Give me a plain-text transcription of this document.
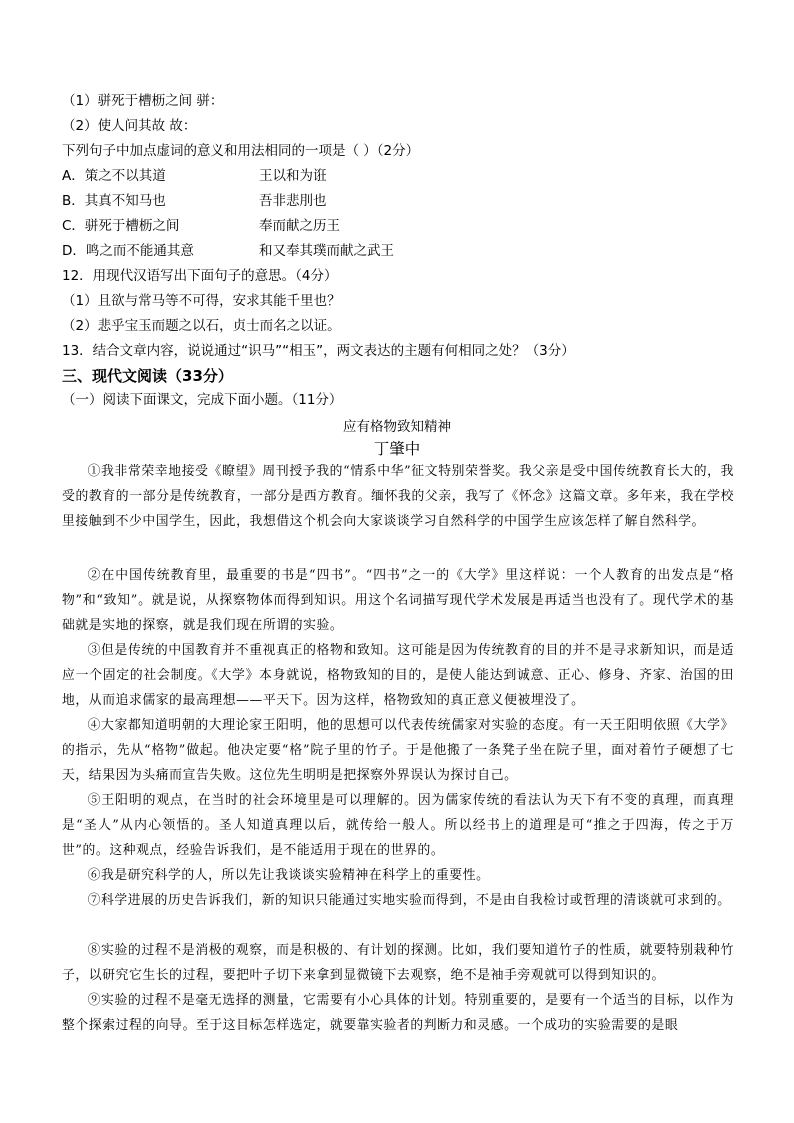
（1）骈死于槽枥之间 骈：
（2）使人问其故 故：
下列句子中加点虚词的意义和用法相同的一项是（ ）（2分）
A．策之不以其道	王以和为诳
B．其真不知马也	吾非悲刖也
C．骈死于槽枥之间	奉而献之历王
D．鸣之而不能通其意	和又奉其璞而献之武王
12．用现代汉语写出下面句子的意思。（4分）
（1）且欲与常马等不可得，安求其能千里也？
（2）悲乎宝玉而题之以石，贞士而名之以证。
13．结合文章内容，说说通过“识马”“相玉”，两文表达的主题有何相同之处？（3分）
三、现代文阅读（33分）
（一）阅读下面课文，完成下面小题。（11分）
应有格物致知精神
丁肇中
①我非常荣幸地接受《瞭望》周刊授予我的“情系中华”征文特别荣誉奖。我父亲是受中国传统教育长大的，我受的教育的一部分是传统教育，一部分是西方教育。缅怀我的父亲，我写了《怀念》这篇文章。多年来，我在学校里接触到不少中国学生，因此，我想借这个机会向大家谈谈学习自然科学的中国学生应该怎样了解自然科学。
②在中国传统教育里，最重要的书是“四书”。“四书”之一的《大学》里这样说：一个人教育的出发点是“格物”和“致知”。就是说，从探察物体而得到知识。用这个名词描写现代学术发展是再适当也没有了。现代学术的基础就是实地的探察，就是我们现在所谓的实验。
③但是传统的中国教育并不重视真正的格物和致知。这可能是因为传统教育的目的并不是寻求新知识，而是适应一个固定的社会制度。《大学》本身就说，格物致知的目的，是使人能达到诚意、正心、修身、齐家、治国的田地，从而追求儒家的最高理想——平天下。因为这样，格物致知的真正意义便被埋没了。
④大家都知道明朝的大理论家王阳明，他的思想可以代表传统儒家对实验的态度。有一天王阳明依照《大学》的指示，先从“格物”做起。他决定要“格”院子里的竹子。于是他搬了一条凳子坐在院子里，面对着竹子硬想了七天，结果因为头痛而宣告失败。这位先生明明是把探察外界误认为探讨自己。
⑤王阳明的观点，在当时的社会环境里是可以理解的。因为儒家传统的看法认为天下有不变的真理，而真理是“圣人”从内心领悟的。圣人知道真理以后，就传给一般人。所以经书上的道理是可“推之于四海，传之于万世”的。这种观点，经验告诉我们，是不能适用于现在的世界的。
⑥我是研究科学的人，所以先让我谈谈实验精神在科学上的重要性。
⑦科学进展的历史告诉我们，新的知识只能通过实地实验而得到，不是由自我检讨或哲理的清谈就可求到的。
⑧实验的过程不是消极的观察，而是积极的、有计划的探测。比如，我们要知道竹子的性质，就要特别栽种竹子，以研究它生长的过程，要把叶子切下来拿到显微镜下去观察，绝不是袖手旁观就可以得到知识的。
⑨实验的过程不是毫无选择的测量，它需要有小心具体的计划。特别重要的，是要有一个适当的目标，以作为整个探索过程的向导。至于这目标怎样选定，就要靠实验者的判断力和灵感。一个成功的实验需要的是眼
